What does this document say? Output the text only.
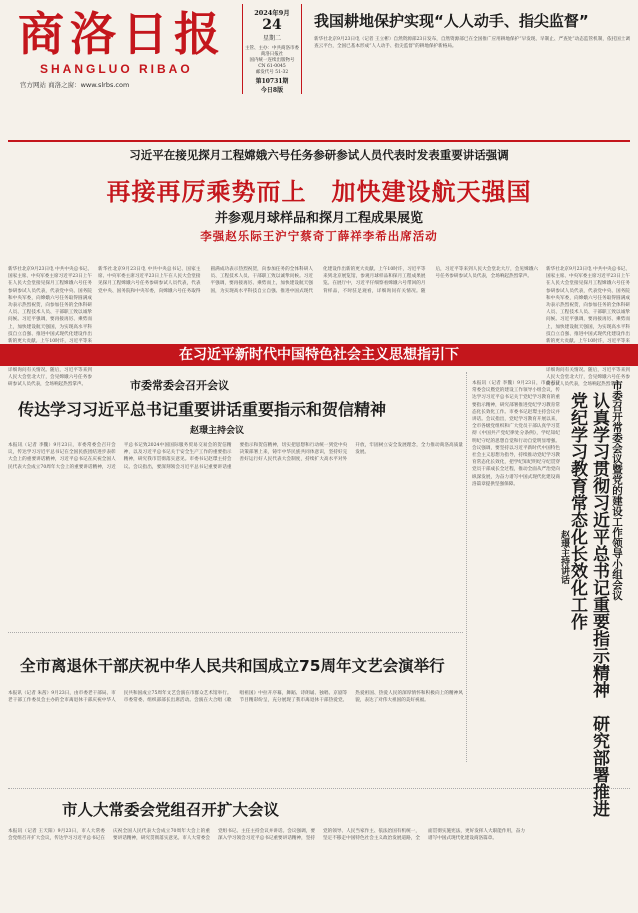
商洛日报
SHANGLUO RIBAO
官方网站 商洛之窗：www.slrbs.com
2024年9月
24
星期二
主管、主办：中共商洛市委
商洛日报社
国内统一连续出版物号
CN 61-0045
邮发代号 51-32
第10731期
今日8版
我国耕地保护实现“人人动手、指尖监督”
新华社北京9月23日电（记者 王立彬）自然资源部23日发布，自然资源部已在全国推广应用耕地保护“早发现、早制止、严查处”动态监管机制，依托国土调查云平台，全国已基本形成“人人动手、指尖监督”的耕地保护新格局。
习近平在接见探月工程嫦娥六号任务参研参试人员代表时发表重要讲话强调
再接再厉乘势而上　加快建设航天强国
并参观月球样品和探月工程成果展览
李强赵乐际王沪宁蔡奇丁薛祥李希出席活动
新华社北京9月23日电 中共中央总书记、国家主席、中央军委主席习近平23日上午在人民大会堂接见探月工程嫦娥六号任务参研参试人员代表，代表党中央、国务院和中央军委，向嫦娥六号任务取得圆满成功表示热烈祝贺，向参加任务的全体科研人员、工程技术人员、干部职工致以诚挚问候。习近平强调，要再接再厉、乘势而上，加快建设航天强国，为实现高水平科技自立自强、推进中国式现代化建设作出新的更大贡献。上午10时许，习近平等来到北京展览馆，参观月球样品和探月工程成果展览。在展厅中，习近平仔细察看嫦娥六号带回的月背样品，不时驻足观看，详细询问有关情况。随后，习近平等来到人民大会堂北大厅，会见嫦娥六号任务参研参试人员代表，全场响起热烈掌声。
新华社北京9月23日电 中共中央总书记、国家主席、中央军委主席习近平23日上午在人民大会堂接见探月工程嫦娥六号任务参研参试人员代表，代表党中央、国务院和中央军委，向嫦娥六号任务取得圆满成功表示热烈祝贺，向参加任务的全体科研人员、工程技术人员、干部职工致以诚挚问候。习近平强调，要再接再厉、乘势而上，加快建设航天强国，为实现高水平科技自立自强、推进中国式现代化建设作出新的更大贡献。上午10时许，习近平等来 详细询问有关情况。随后，习近平等来到人民大会堂北大厅，会见嫦娥六号任务参研参试人员代表，全场响起热烈掌声。
新华社北京9月23日电 中共中央总书记、国家主席、中央军委主席习近平23日上午在人民大会堂接见探月工程嫦娥六号任务参研参试人员代表，代表党中央、国务院和中央军委，向嫦娥六号任务取得圆满成功表示热烈祝贺，向参加任务的全体科研人员、工程技术人员、干部职工致以诚挚问候。习近平强调，要再接再厉、乘势而上，加快建设航天强国，为实现高水平科技自立自强、推进中国式现代化建设作出新的更大贡献。上午10时许，习近平等来 详细询问有关情况。随后，习近平等来到人民大会堂北大厅，会见嫦娥六号任务参研参试人员代表，全场响起热烈掌声。
在习近平新时代中国特色社会主义思想指引下
市委常委会召开会议
传达学习习近平总书记重要讲话重要指示和贺信精神
赵璟主持会议
本报讯（记者 李魏）9月23日，市委常委会召开会议，传达学习习近平总书记在全国民族团结进步表彰大会上的重要讲话精神，习近平总书记在庆祝全国人民代表大会成立70周年大会上的重要讲话精神，习近平总书记致2024中国国际服务贸易交易会的贺信精神，以及习近平总书记关于安全生产工作的重要指示精神，研究我市贯彻落实意见。市委书记赵璟主持会议。会议指出，要深刻领会习近平总书记重要讲话重要指示和贺信精神，切实把思想和行动统一到党中央决策部署上来，铸牢中华民族共同体意识，坚持好完善好运行好人民代表大会制度，持续扩大高水平对外开放，牢固树立安全发展理念，全力推动商洛高质量发展。
本报讯（记者 李魏）9月23日，市委召开常委会议暨党的建设工作领导小组会议，传达学习习近平总书记关于党纪学习教育的重要指示精神，研究部署推进党纪学习教育常态化长效化工作。市委书记赵璟主持会议并讲话。会议指出，党纪学习教育开展以来，全市各级党组织和广大党员干部认真学习贯彻《中国共产党纪律处分条例》，学纪知纪明纪守纪的思想自觉和行动自觉明显增强。会议强调，要坚持以习近平新时代中国特色社会主义思想为指导，持续推动党纪学习教育常态化长效化，把学纪知纪明纪守纪贯穿党员干部成长全过程，推动全面从严治党向纵深发展，为奋力谱写中国式现代化建设商洛篇章提供坚强保障。	市委召开常委会议暨党的建设工作领导小组会议
认真学习贯彻习近平总书记重要指示精神　研究部署推进党纪学习教育常态化长效化工作
赵璟主持讲话
全市离退休干部庆祝中华人民共和国成立75周年文艺会演举行
本报讯（记者 朱茜）9月23日，由市委老干部局、市老干部工作委员会主办的全市离退休干部庆祝中华人民共和国成立75周年文艺会演在市群众艺术馆举行。市委常委、组织部部长出席活动。会演在大合唱《歌唱祖国》中拉开序幕，舞蹈、诗朗诵、独唱、京剧等节目精彩纷呈，充分展现了我市离退休干部热爱党、热爱祖国、热爱人民的深厚情怀和积极向上的精神风貌，表达了对伟大祖国的美好祝福。
市人大常委会党组召开扩大会议
本报讯（记者 王天阳）9月23日，市人大常委会党组召开扩大会议，传达学习习近平总书记在庆祝全国人民代表大会成立70周年大会上的重要讲话精神，研究贯彻落实意见。市人大常委会党组书记、主任主持会议并讲话。会议强调，要深入学习领会习近平总书记重要讲话精神，坚持党的领导、人民当家作主、依法治国有机统一，坚定不移走中国特色社会主义政治发展道路，全面贯彻实施宪法，更好发挥人大职能作用，奋力谱写中国式现代化建设商洛篇章。
